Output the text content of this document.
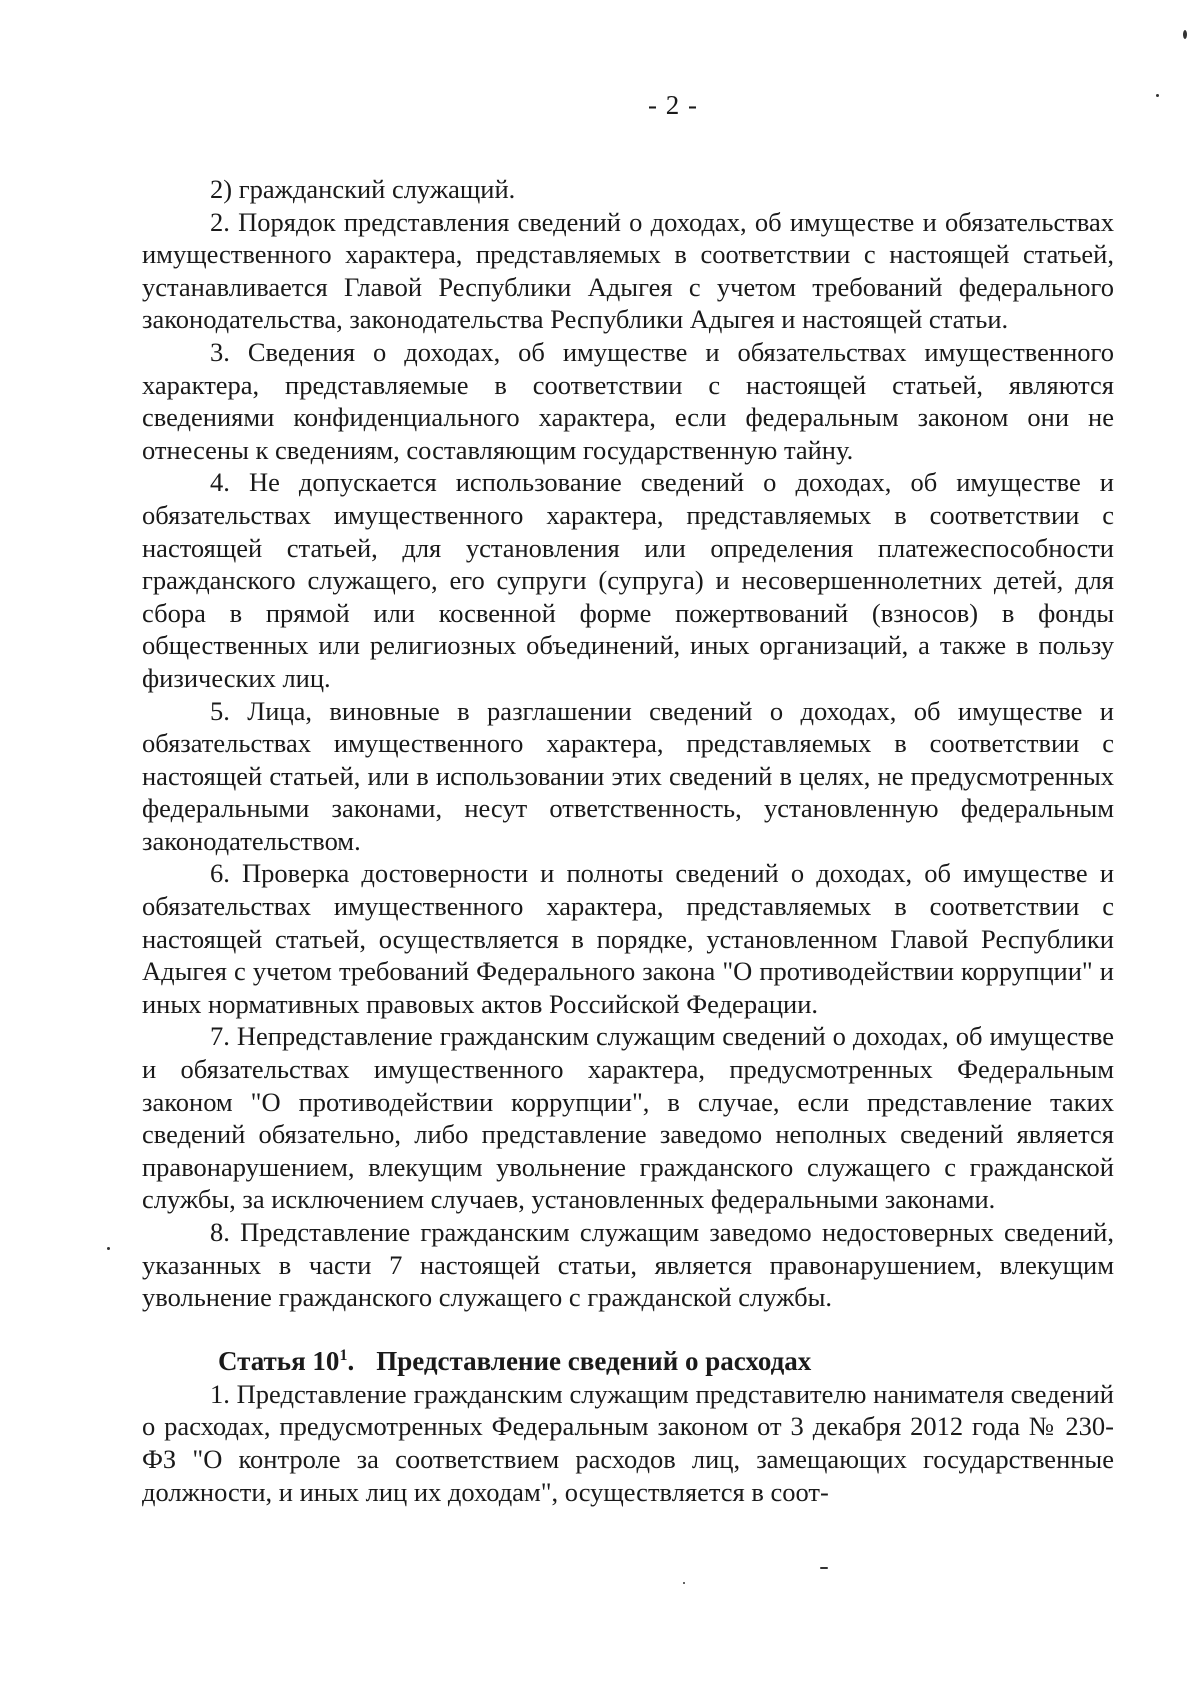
- 2 -

2) гражданский служащий.

2. Порядок представления сведений о доходах, об имуществе и обязательствах имущественного характера, представляемых в соответствии с настоящей статьей, устанавливается Главой Республики Адыгея с учетом требований федерального законодательства, законодательства Республики Адыгея и настоящей статьи.

3. Сведения о доходах, об имуществе и обязательствах имущественного характера, представляемые в соответствии с настоящей статьей, являются сведениями конфиденциального характера, если федеральным законом они не отнесены к сведениям, составляющим государственную тайну.

4. Не допускается использование сведений о доходах, об имуществе и обязательствах имущественного характера, представляемых в соответствии с настоящей статьей, для установления или определения платежеспособности гражданского служащего, его супруги (супруга) и несовершеннолетних детей, для сбора в прямой или косвенной форме пожертвований (взносов) в фонды общественных или религиозных объединений, иных организаций, а также в пользу физических лиц.

5. Лица, виновные в разглашении сведений о доходах, об имуществе и обязательствах имущественного характера, представляемых в соответствии с настоящей статьей, или в использовании этих сведений в целях, не предусмотренных федеральными законами, несут ответственность, установленную федеральным законодательством.

6. Проверка достоверности и полноты сведений о доходах, об имуществе и обязательствах имущественного характера, представляемых в соответствии с настоящей статьей, осуществляется в порядке, установленном Главой Республики Адыгея с учетом требований Федерального закона "О противодействии коррупции" и иных нормативных правовых актов Российской Федерации.

7. Непредставление гражданским служащим сведений о доходах, об имуществе и обязательствах имущественного характера, предусмотренных Федеральным законом "О противодействии коррупции", в случае, если представление таких сведений обязательно, либо представление заведомо неполных сведений является правонарушением, влекущим увольнение гражданского служащего с гражданской службы, за исключением случаев, установленных федеральными законами.

8. Представление гражданским служащим заведомо недостоверных сведений, указанных в части 7 настоящей статьи, является правонарушением, влекущим увольнение гражданского служащего с гражданской службы.

Статья $10^1$. Представление сведений о расходах

1. Представление гражданским служащим представителю нанимателя сведений о расходах, предусмотренных Федеральным законом от 3 декабря 2012 года № 230-ФЗ "О контроле за соответствием расходов лиц, замещающих государственные должности, и иных лиц их доходам", осуществляется в соот-
